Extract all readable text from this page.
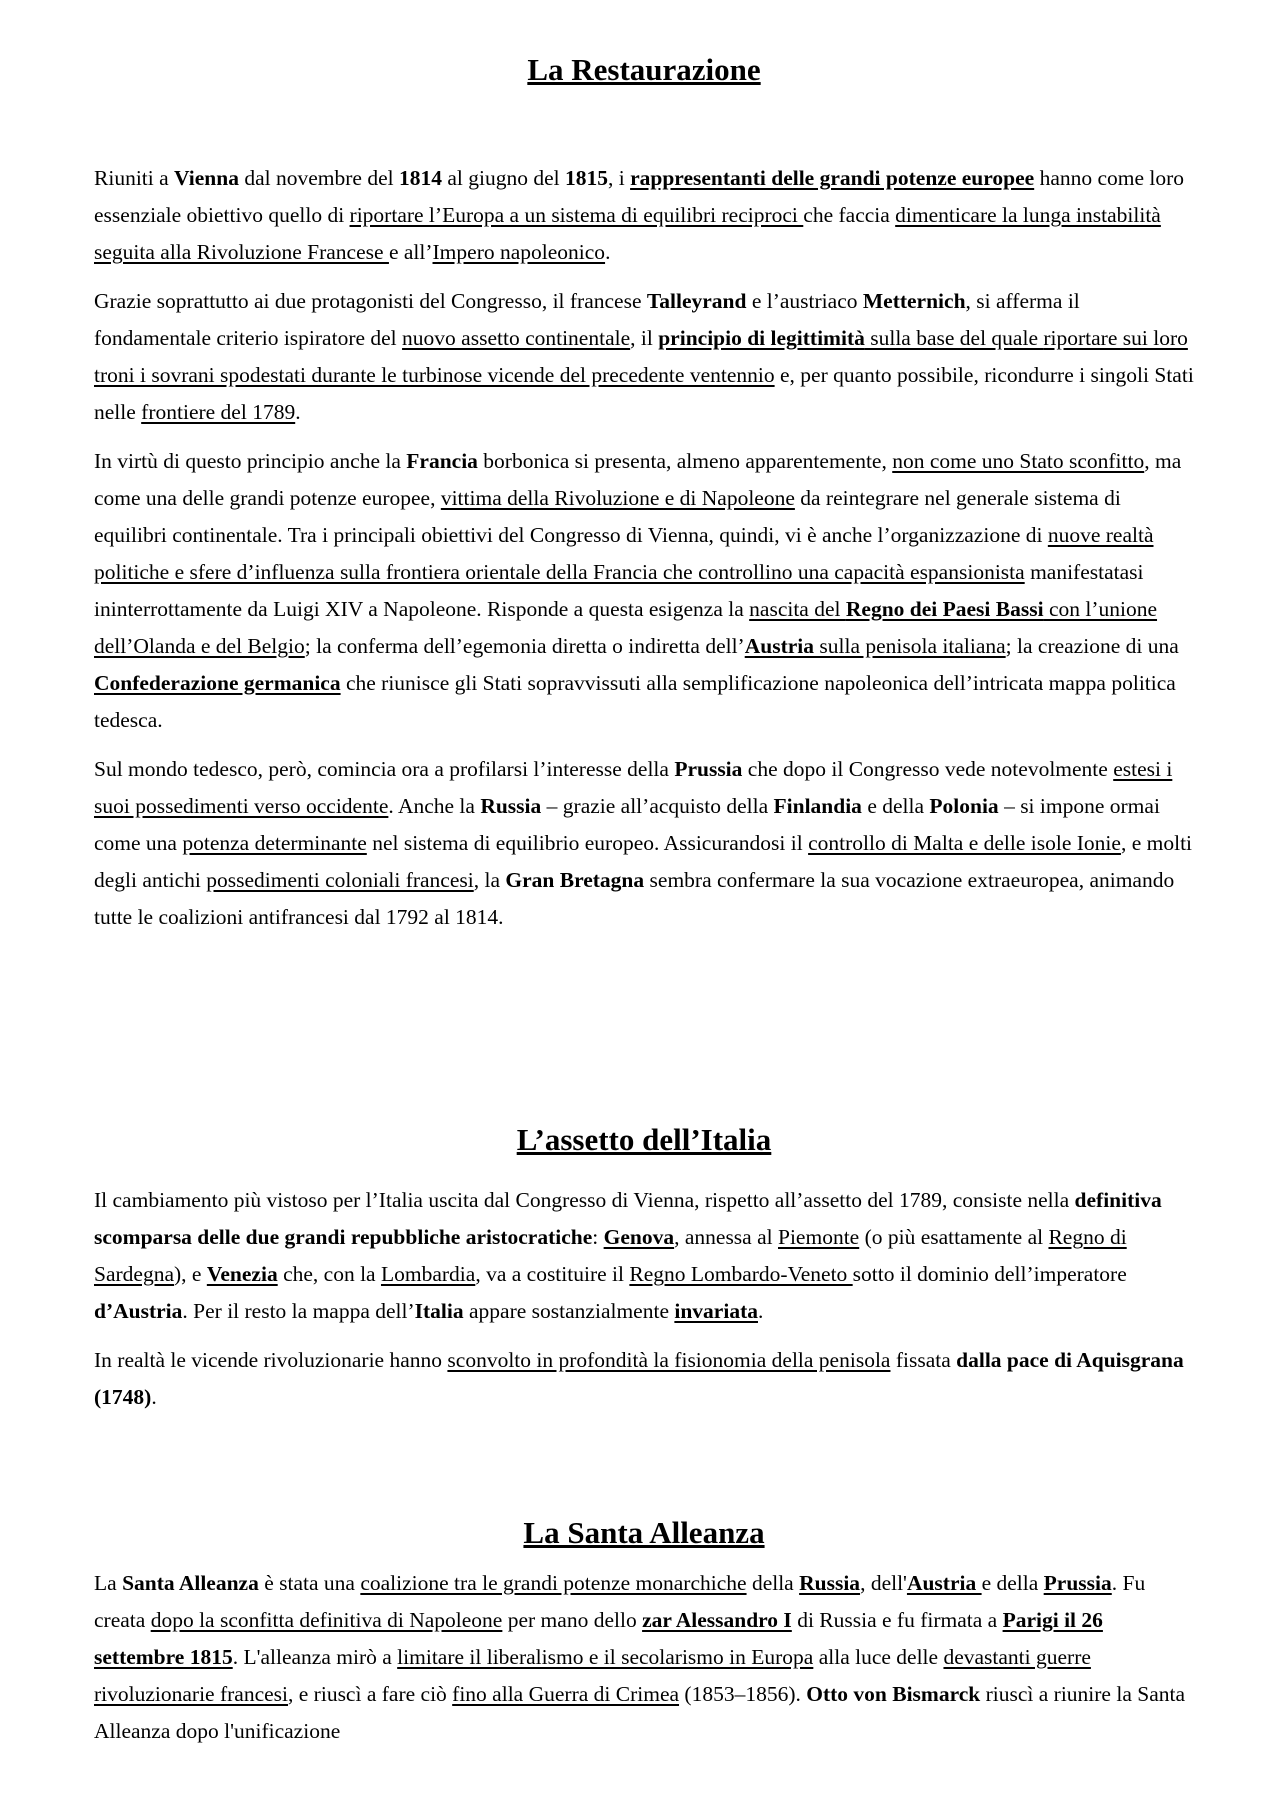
La Restaurazione

Riuniti a Vienna dal novembre del 1814 al giugno del 1815, i rappresentanti delle grandi potenze europee hanno come loro essenziale obiettivo quello di riportare l’Europa a un sistema di equilibri reciproci che faccia dimenticare la lunga instabilità seguita alla Rivoluzione Francese e all’Impero napoleonico.

Grazie soprattutto ai due protagonisti del Congresso, il francese Talleyrand e l’austriaco Metternich, si afferma il fondamentale criterio ispiratore del nuovo assetto continentale, il principio di legittimità sulla base del quale riportare sui loro troni i sovrani spodestati durante le turbinose vicende del precedente ventennio e, per quanto possibile, ricondurre i singoli Stati nelle frontiere del 1789.

In virtù di questo principio anche la Francia borbonica si presenta, almeno apparentemente, non come uno Stato sconfitto, ma come una delle grandi potenze europee, vittima della Rivoluzione e di Napoleone da reintegrare nel generale sistema di equilibri continentale. Tra i principali obiettivi del Congresso di Vienna, quindi, vi è anche l’organizzazione di nuove realtà politiche e sfere d’influenza sulla frontiera orientale della Francia che controllino una capacità espansionista manifestatasi ininterrottamente da Luigi XIV a Napoleone. Risponde a questa esigenza la nascita del Regno dei Paesi Bassi con l’unione dell’Olanda e del Belgio; la conferma dell’egemonia diretta o indiretta dell’Austria sulla penisola italiana; la creazione di una Confederazione germanica che riunisce gli Stati sopravvissuti alla semplificazione napoleonica dell’intricata mappa politica tedesca.

Sul mondo tedesco, però, comincia ora a profilarsi l’interesse della Prussia che dopo il Congresso vede notevolmente estesi i suoi possedimenti verso occidente. Anche la Russia – grazie all’acquisto della Finlandia e della Polonia – si impone ormai come una potenza determinante nel sistema di equilibrio europeo. Assicurandosi il controllo di Malta e delle isole Ionie, e molti degli antichi possedimenti coloniali francesi, la Gran Bretagna sembra confermare la sua vocazione extraeuropea, animando tutte le coalizioni antifrancesi dal 1792 al 1814.

L’assetto dell’Italia

Il cambiamento più vistoso per l’Italia uscita dal Congresso di Vienna, rispetto all’assetto del 1789, consiste nella definitiva scomparsa delle due grandi repubbliche aristocratiche: Genova, annessa al Piemonte (o più esattamente al Regno di Sardegna), e Venezia che, con la Lombardia, va a costituire il Regno Lombardo-Veneto sotto il dominio dell’imperatore d’Austria. Per il resto la mappa dell’Italia appare sostanzialmente invariata.

In realtà le vicende rivoluzionarie hanno sconvolto in profondità la fisionomia della penisola fissata dalla pace di Aquisgrana (1748).

La Santa Alleanza

La Santa Alleanza è stata una coalizione tra le grandi potenze monarchiche della Russia, dell'Austria e della Prussia. Fu creata dopo la sconfitta definitiva di Napoleone per mano dello zar Alessandro I di Russia e fu firmata a Parigi il 26 settembre 1815. L'alleanza mirò a limitare il liberalismo e il secolarismo in Europa alla luce delle devastanti guerre rivoluzionarie francesi, e riuscì a fare ciò fino alla Guerra di Crimea (1853–1856). Otto von Bismarck riuscì a riunire la Santa Alleanza dopo l'unificazione
